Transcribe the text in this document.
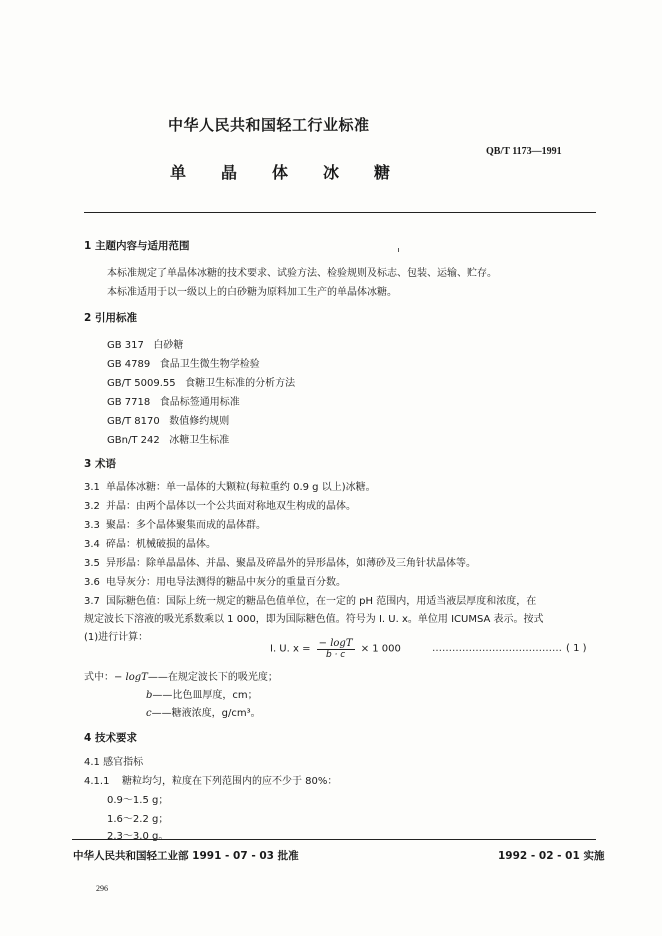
中华人民共和国轻工行业标准
QB/T 1173—1991
单晶体冰糖
1 主题内容与适用范围
本标准规定了单晶体冰糖的技术要求、试验方法、检验规则及标志、包装、运输、贮存。
本标准适用于以一级以上的白砂糖为原料加工生产的单晶体冰糖。
2 引用标准
GB 317 白砂糖
GB 4789 食品卫生微生物学检验
GB/T 5009.55 食糖卫生标准的分析方法
GB 7718 食品标签通用标准
GB/T 8170 数值修约规则
GBn/T 242 冰糖卫生标准
3 术语
3.1 单晶体冰糖：单一晶体的大颗粒(每粒重约 0.9 g 以上)冰糖。
3.2 并晶：由两个晶体以一个公共面对称地双生构成的晶体。
3.3 聚晶：多个晶体聚集而成的晶体群。
3.4 碎晶：机械破损的晶体。
3.5 异形晶：除单晶晶体、并晶、聚晶及碎晶外的异形晶体，如薄砂及三角针状晶体等。
3.6 电导灰分：用电导法测得的糖品中灰分的重量百分数。
3.7 国际糖色值：国际上统一规定的糖品色值单位，在一定的 pH 范围内，用适当液层厚度和浓度，在
规定波长下溶液的吸光系数乘以 1 000，即为国际糖色值。符号为 I. U. x。单位用 ICUMSA 表示。按式
(1)进行计算：
I. U. $x = \frac{- \log T}{b \cdot c} \times 1$ 000	………………………………… ( 1 )
式中：− logT——在规定波长下的吸光度；
b——比色皿厚度，cm；
c——糖液浓度，g/cm³。
4 技术要求
4.1 感官指标
4.1.1 糖粒均匀，粒度在下列范围内的应不少于 80%：
0.9～1.5 g；
1.6～2.2 g；
2.3～3.0 g。
中华人民共和国轻工业部 1991 - 07 - 03 批准	1992 - 02 - 01 实施
296
